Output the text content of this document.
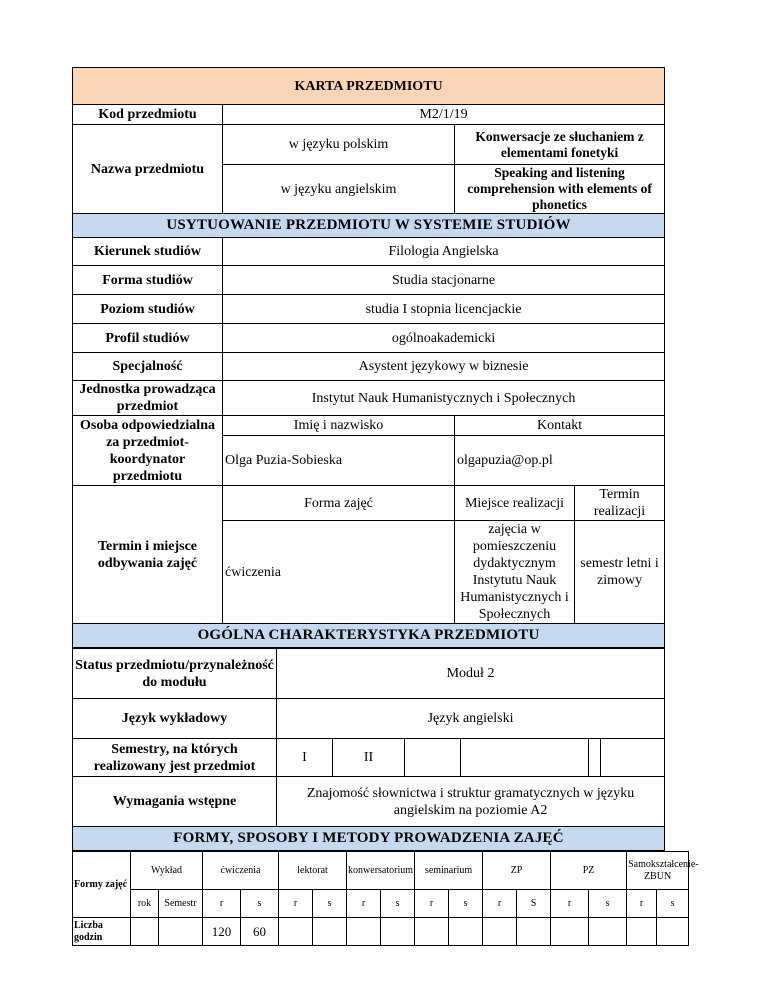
KARTA PRZEDMIOTU			
Kod przedmiotu	M2/1/19		
Nazwa przedmiotu	w języku polskim	Konwersacje ze słuchaniem z elementami fonetyki	
	w języku angielskim	Speaking and listening comprehension with elements of phonetics	
USYTUOWANIE PRZEDMIOTU W SYSTEMIE STUDIÓW			
Kierunek studiów	Filologia Angielska		
Forma studiów	Studia stacjonarne		
Poziom studiów	studia I stopnia licencjackie		
Profil studiów	ogólnoakademicki		
Specjalność	Asystent językowy w biznesie		
Jednostka prowadząca przedmiot	Instytut Nauk Humanistycznych i Społecznych		
Osoba odpowiedzialna za przedmiot- koordynator przedmiotu	Imię i nazwisko	Kontakt	
	Olga Puzia-Sobieska	olgapuzia@op.pl	
Termin i miejsce odbywania zajęć	Forma zajęć	Miejsce realizacji	Termin realizacji
	ćwiczenia	zajęcia w pomieszczeniu dydaktycznym Instytutu Nauk Humanistycznych i Społecznych	semestr letni i zimowy
OGÓLNA CHARAKTERYSTYKA PRZEDMIOTU			
Status przedmiotu/przynależność do modułu	Moduł 2					
Język wykładowy	Język angielski					
Semestry, na których realizowany jest przedmiot	I	II				
Wymagania wstępne	Znajomość słownictwa i struktur gramatycznych w języku angielskim na poziomie A2					
FORMY, SPOSOBY I METODY PROWADZENIA ZAJĘĆ						
Formy zajęć	Wykład		ćwiczenia		lektorat		konwersatorium		seminarium		ZP		PZ		Samokształcenie- ZBUN	
	rok	Semestr	r	s	r	s	r	s	r	s	r	S	r	s	r	s
Liczba godzin			120	60												
